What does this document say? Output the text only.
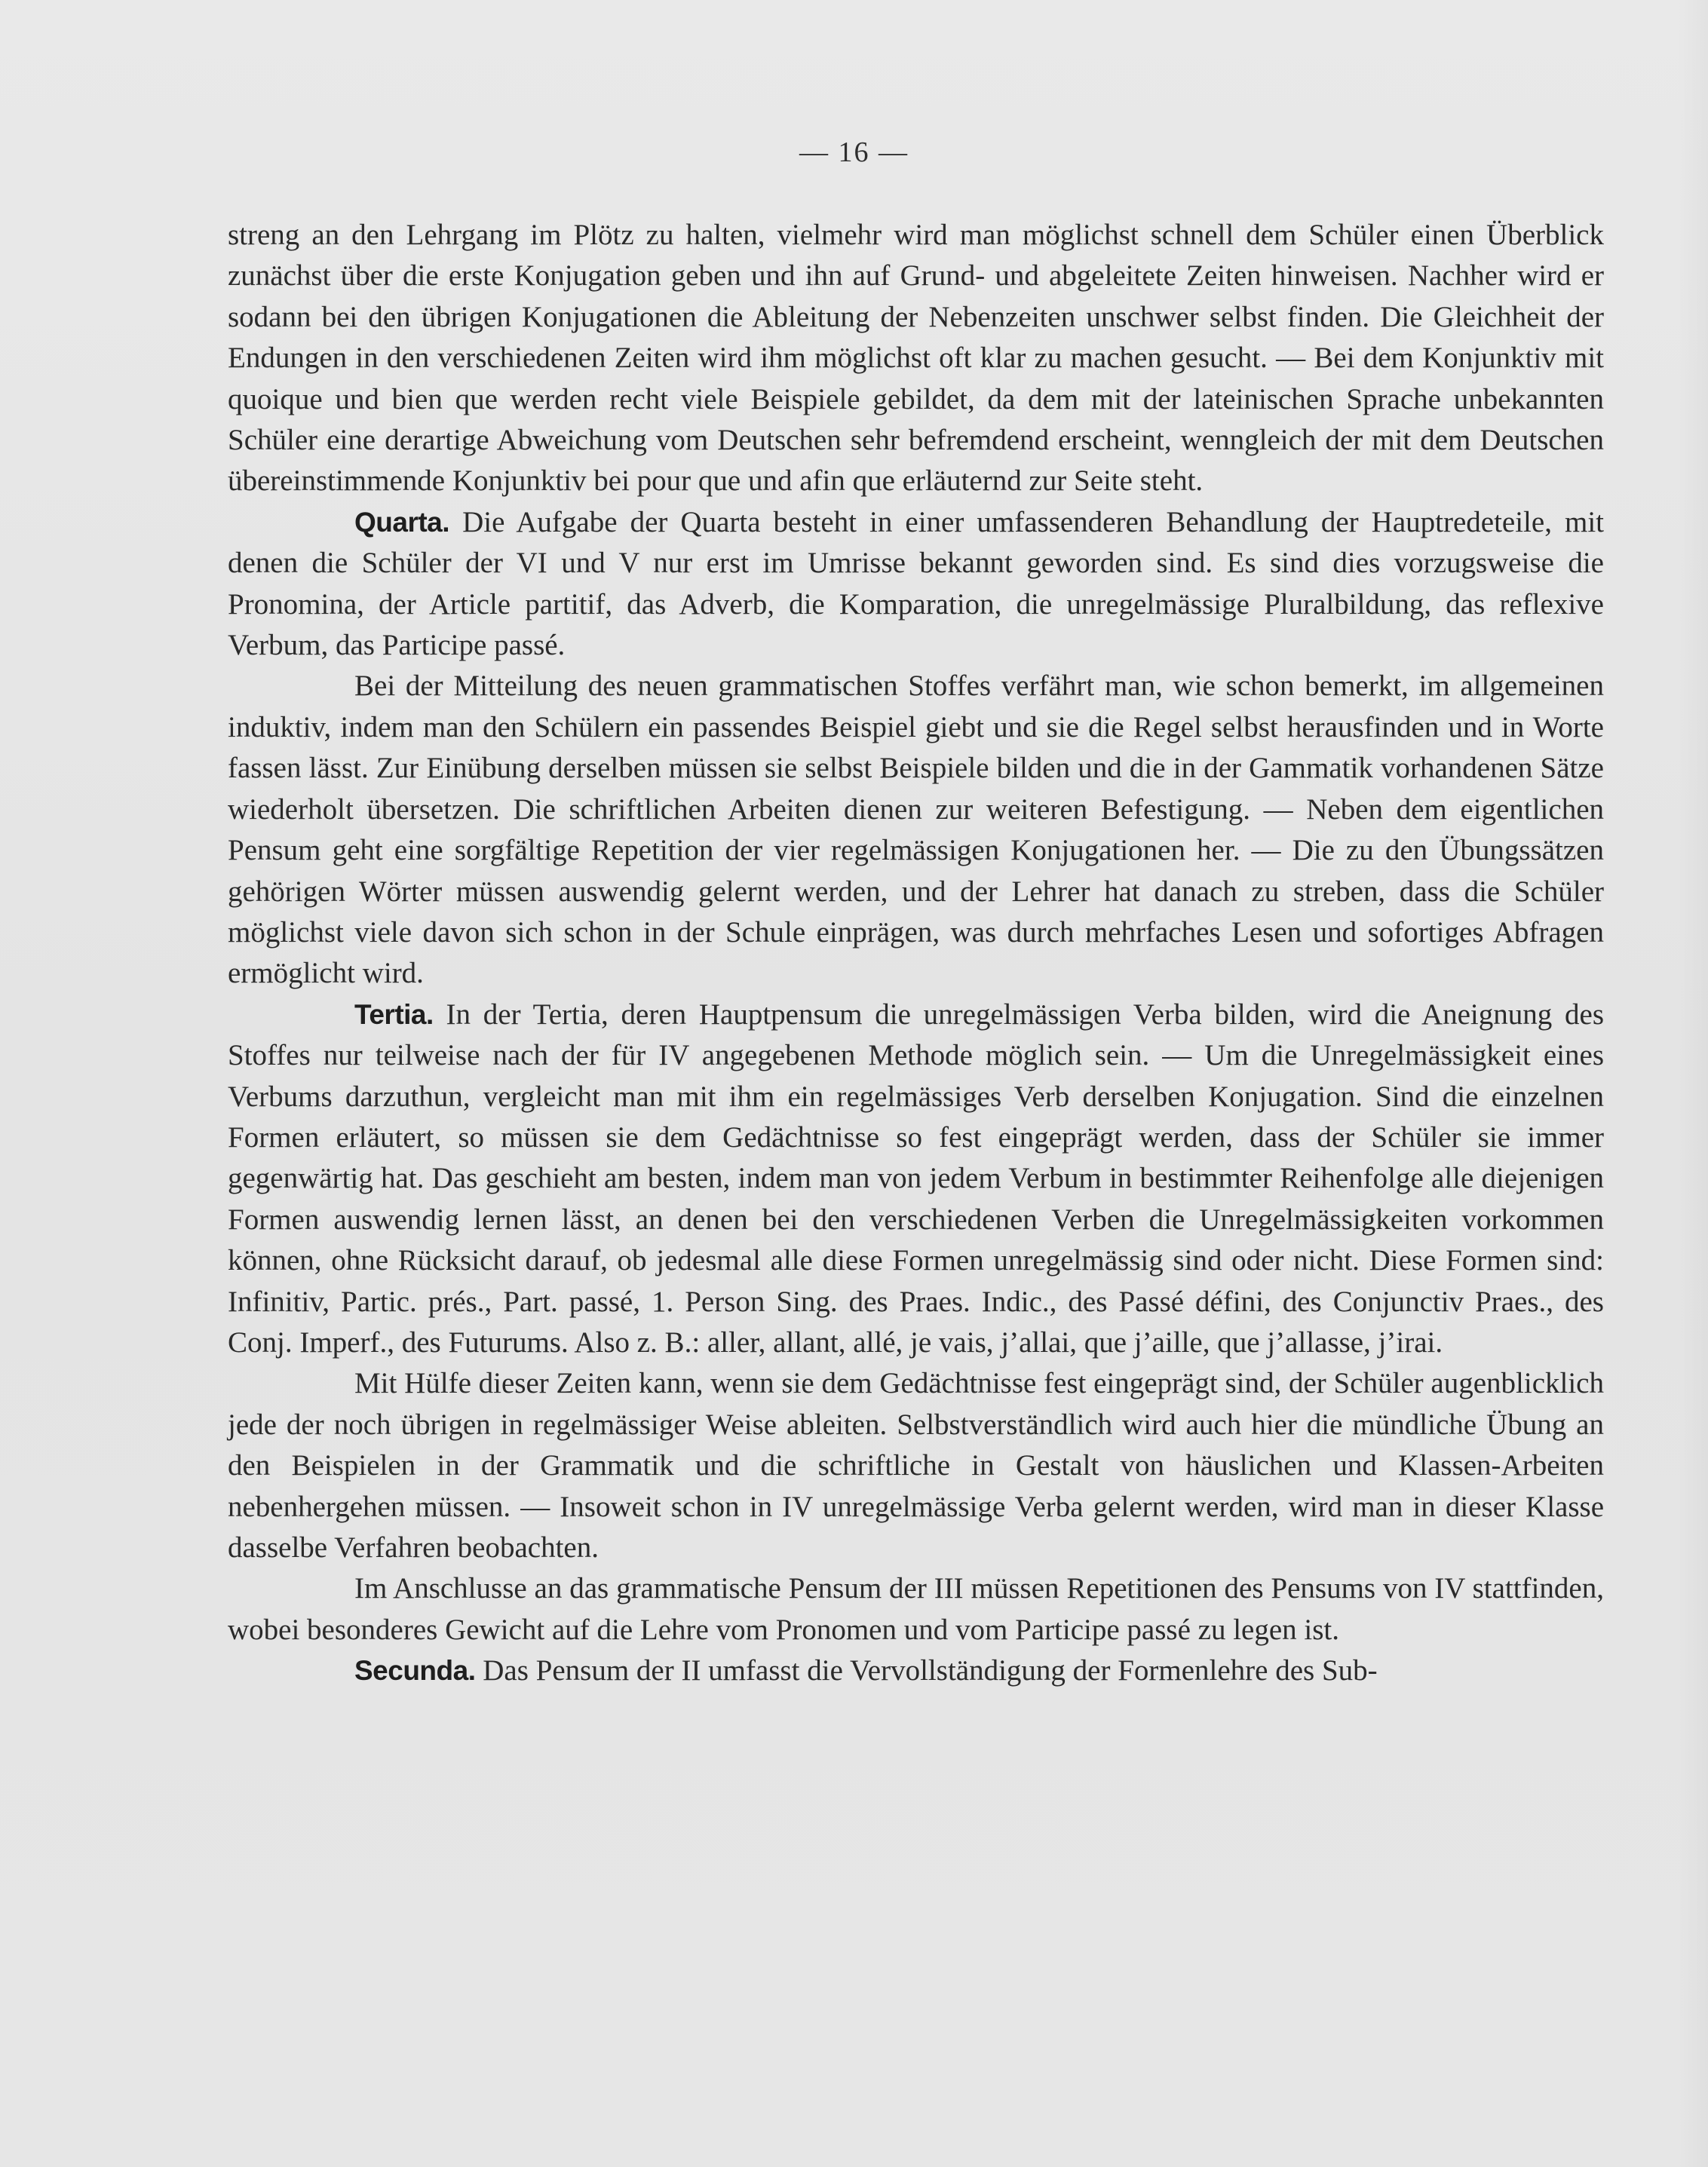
— 16 —

streng an den Lehrgang im Plötz zu halten, vielmehr wird man möglichst schnell dem Schüler einen Überblick zunächst über die erste Konjugation geben und ihn auf Grund- und abgeleitete Zeiten hinweisen. Nachher wird er sodann bei den übrigen Konjugationen die Ableitung der Nebenzeiten unschwer selbst finden. Die Gleichheit der Endungen in den verschiedenen Zeiten wird ihm möglichst oft klar zu machen gesucht. — Bei dem Konjunktiv mit quoique und bien que werden recht viele Beispiele gebildet, da dem mit der lateinischen Sprache unbekannten Schüler eine derartige Abweichung vom Deutschen sehr befremdend erscheint, wenngleich der mit dem Deutschen übereinstimmende Konjunktiv bei pour que und afin que erläuternd zur Seite steht.

Quarta. Die Aufgabe der Quarta besteht in einer umfassenderen Behandlung der Hauptredeteile, mit denen die Schüler der VI und V nur erst im Umrisse bekannt geworden sind. Es sind dies vorzugsweise die Pronomina, der Article partitif, das Adverb, die Komparation, die unregelmässige Pluralbildung, das reflexive Verbum, das Participe passé.

Bei der Mitteilung des neuen grammatischen Stoffes verfährt man, wie schon bemerkt, im allgemeinen induktiv, indem man den Schülern ein passendes Beispiel giebt und sie die Regel selbst herausfinden und in Worte fassen lässt. Zur Einübung derselben müssen sie selbst Beispiele bilden und die in der Gammatik vorhandenen Sätze wiederholt übersetzen. Die schriftlichen Arbeiten dienen zur weiteren Befestigung. — Neben dem eigentlichen Pensum geht eine sorgfältige Repetition der vier regelmässigen Konjugationen her. — Die zu den Übungssätzen gehörigen Wörter müssen auswendig gelernt werden, und der Lehrer hat danach zu streben, dass die Schüler möglichst viele davon sich schon in der Schule einprägen, was durch mehrfaches Lesen und sofortiges Abfragen ermöglicht wird.

Tertia. In der Tertia, deren Hauptpensum die unregelmässigen Verba bilden, wird die Aneignung des Stoffes nur teilweise nach der für IV angegebenen Methode möglich sein. — Um die Unregelmässigkeit eines Verbums darzuthun, vergleicht man mit ihm ein regelmässiges Verb derselben Konjugation. Sind die einzelnen Formen erläutert, so müssen sie dem Gedächtnisse so fest eingeprägt werden, dass der Schüler sie immer gegenwärtig hat. Das geschieht am besten, indem man von jedem Verbum in bestimmter Reihenfolge alle diejenigen Formen auswendig lernen lässt, an denen bei den verschiedenen Verben die Unregelmässigkeiten vorkommen können, ohne Rücksicht darauf, ob jedesmal alle diese Formen unregelmässig sind oder nicht. Diese Formen sind: Infinitiv, Partic. prés., Part. passé, 1. Person Sing. des Praes. Indic., des Passé défini, des Conjunctiv Praes., des Conj. Imperf., des Futurums. Also z. B.: aller, allant, allé, je vais, j’allai, que j’aille, que j’allasse, j’irai.

Mit Hülfe dieser Zeiten kann, wenn sie dem Gedächtnisse fest eingeprägt sind, der Schüler augenblicklich jede der noch übrigen in regelmässiger Weise ableiten. Selbstverständlich wird auch hier die mündliche Übung an den Beispielen in der Grammatik und die schriftliche in Gestalt von häuslichen und Klassen-Arbeiten nebenhergehen müssen. — Insoweit schon in IV unregelmässige Verba gelernt werden, wird man in dieser Klasse dasselbe Verfahren beobachten.

Im Anschlusse an das grammatische Pensum der III müssen Repetitionen des Pensums von IV stattfinden, wobei besonderes Gewicht auf die Lehre vom Pronomen und vom Participe passé zu legen ist.

Secunda. Das Pensum der II umfasst die Vervollständigung der Formenlehre des Sub-
